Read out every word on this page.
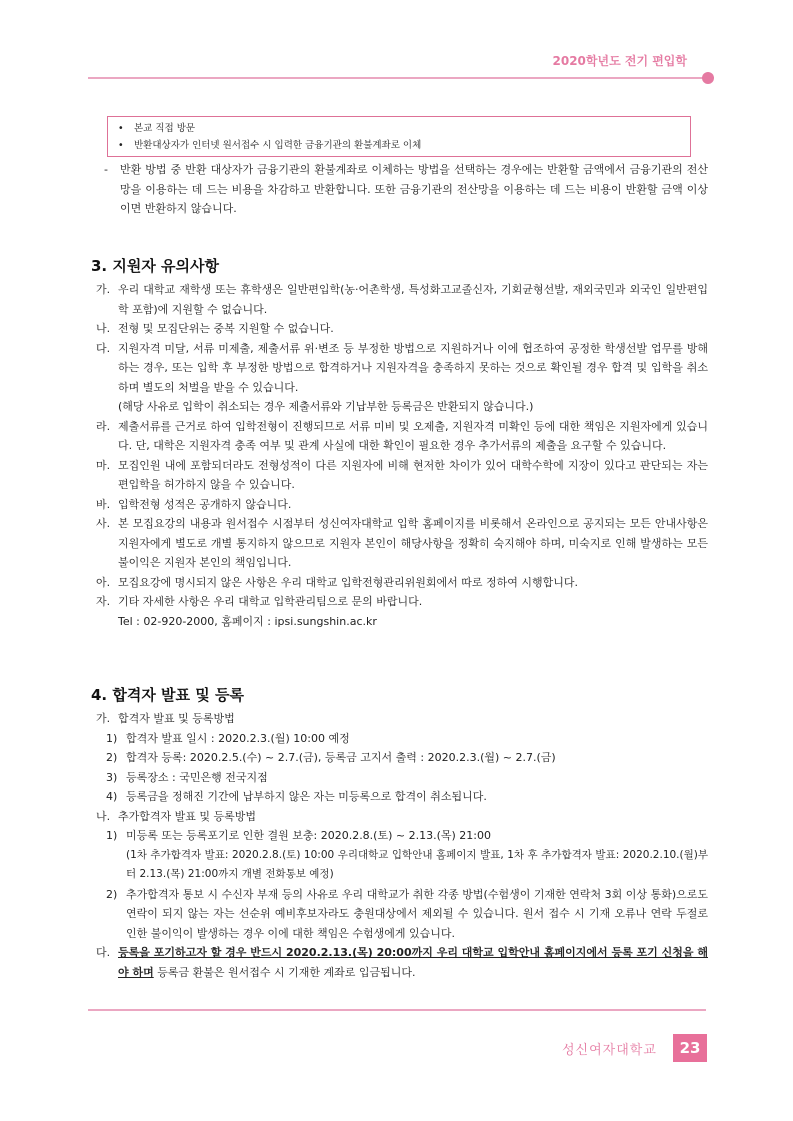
2020학년도 전기 편입학
•	본교 직접 방문
•	반환대상자가 인터넷 원서접수 시 입력한 금융기관의 환불계좌로 이체
-	반환 방법 중 반환 대상자가 금융기관의 환불계좌로 이체하는 방법을 선택하는 경우에는 반환할 금액에서 금융기관의 전산망을 이용하는 데 드는 비용을 차감하고 반환합니다. 또한 금융기관의 전산망을 이용하는 데 드는 비용이 반환할 금액 이상이면 반환하지 않습니다.
3. 지원자 유의사항
가. 우리 대학교 재학생 또는 휴학생은 일반편입학(농·어촌학생, 특성화고교졸신자, 기회균형선발, 재외국민과 외국인 일반편입학 포함)에 지원할 수 없습니다.
나. 전형 및 모집단위는 중복 지원할 수 없습니다.
다. 지원자격 미달, 서류 미제출, 제출서류 위·변조 등 부정한 방법으로 지원하거나 이에 협조하여 공정한 학생선발 업무를 방해하는 경우, 또는 입학 후 부정한 방법으로 합격하거나 지원자격을 충족하지 못하는 것으로 확인될 경우 합격 및 입학을 취소하며 별도의 처벌을 받을 수 있습니다.
(해당 사유로 입학이 취소되는 경우 제출서류와 기납부한 등록금은 반환되지 않습니다.)
라. 제출서류를 근거로 하여 입학전형이 진행되므로 서류 미비 및 오제출, 지원자격 미확인 등에 대한 책임은 지원자에게 있습니다. 단, 대학은 지원자격 충족 여부 및 관계 사실에 대한 확인이 필요한 경우 추가서류의 제출을 요구할 수 있습니다.
마. 모집인원 내에 포함되더라도 전형성적이 다른 지원자에 비해 현저한 차이가 있어 대학수학에 지장이 있다고 판단되는 자는 편입학을 허가하지 않을 수 있습니다.
바. 입학전형 성적은 공개하지 않습니다.
사. 본 모집요강의 내용과 원서접수 시점부터 성신여자대학교 입학 홈페이지를 비롯해서 온라인으로 공지되는 모든 안내사항은 지원자에게 별도로 개별 통지하지 않으므로 지원자 본인이 해당사항을 정확히 숙지해야 하며, 미숙지로 인해 발생하는 모든 불이익은 지원자 본인의 책임입니다.
아. 모집요강에 명시되지 않은 사항은 우리 대학교 입학전형관리위원회에서 따로 정하여 시행합니다.
자. 기타 자세한 사항은 우리 대학교 입학관리팀으로 문의 바랍니다.
Tel : 02-920-2000, 홈페이지 : ipsi.sungshin.ac.kr
4. 합격자 발표 및 등록
가. 합격자 발표 및 등록방법
1) 합격자 발표 일시 : 2020.2.3.(월) 10:00 예정
2) 합격자 등록: 2020.2.5.(수) ~ 2.7.(금), 등록금 고지서 출력 : 2020.2.3.(월) ~ 2.7.(금)
3) 등록장소 : 국민은행 전국지점
4) 등록금을 정해진 기간에 납부하지 않은 자는 미등록으로 합격이 취소됩니다.
나. 추가합격자 발표 및 등록방법
1) 미등록 또는 등록포기로 인한 결원 보충: 2020.2.8.(토) ~ 2.13.(목) 21:00
(1차 추가합격자 발표: 2020.2.8.(토) 10:00 우리대학교 입학안내 홈페이지 발표, 1차 후 추가합격자 발표: 2020.2.10.(월)부터 2.13.(목) 21:00까지 개별 전화통보 예정)
2) 추가합격자 통보 시 수신자 부재 등의 사유로 우리 대학교가 취한 각종 방법(수험생이 기재한 연락처 3회 이상 통화)으로도 연락이 되지 않는 자는 선순위 예비후보자라도 충원대상에서 제외될 수 있습니다. 원서 접수 시 기재 오류나 연락 두절로 인한 불이익이 발생하는 경우 이에 대한 책임은 수험생에게 있습니다.
다. 등록을 포기하고자 할 경우 반드시 2020.2.13.(목) 20:00까지 우리 대학교 입학안내 홈페이지에서 등록 포기 신청을 해야 하며 등록금 환불은 원서접수 시 기재한 계좌로 입금됩니다.
성신여자대학교	23
